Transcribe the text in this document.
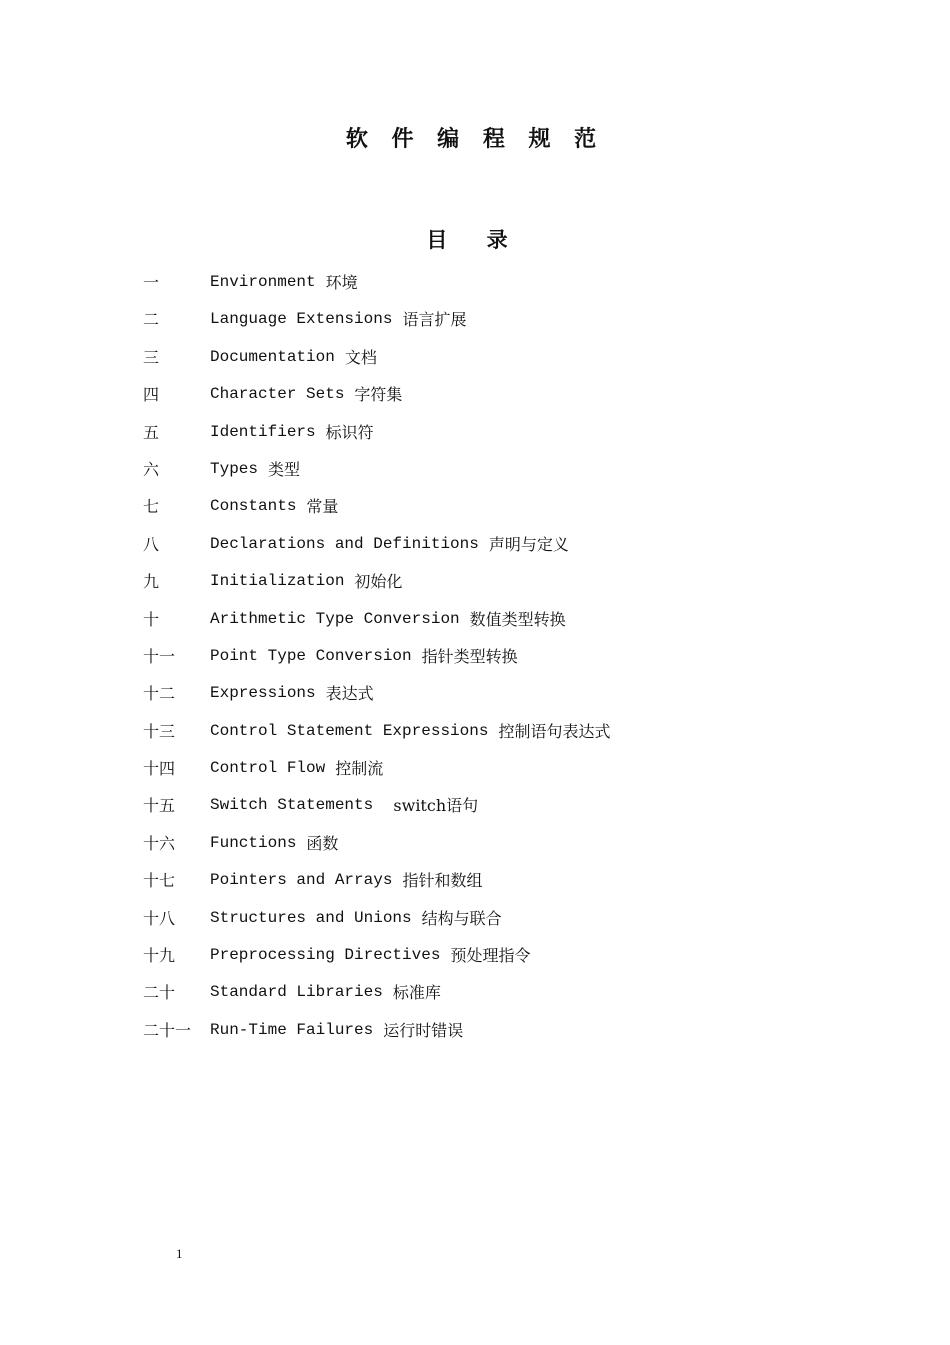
软 件 编 程 规 范
目 录
一	Environment 环境
二	Language Extensions 语言扩展
三	Documentation 文档
四	Character Sets 字符集
五	Identifiers 标识符
六	Types 类型
七	Constants 常量
八	Declarations and Definitions 声明与定义
九	Initialization 初始化
十	Arithmetic Type Conversion 数值类型转换
十一	Point Type Conversion 指针类型转换
十二	Expressions 表达式
十三	Control Statement Expressions 控制语句表达式
十四	Control Flow 控制流
十五	Switch Statements switch语句
十六	Functions 函数
十七	Pointers and Arrays 指针和数组
十八	Structures and Unions 结构与联合
十九	Preprocessing Directives 预处理指令
二十	Standard Libraries 标准库
二十一	Run-Time Failures 运行时错误
1
